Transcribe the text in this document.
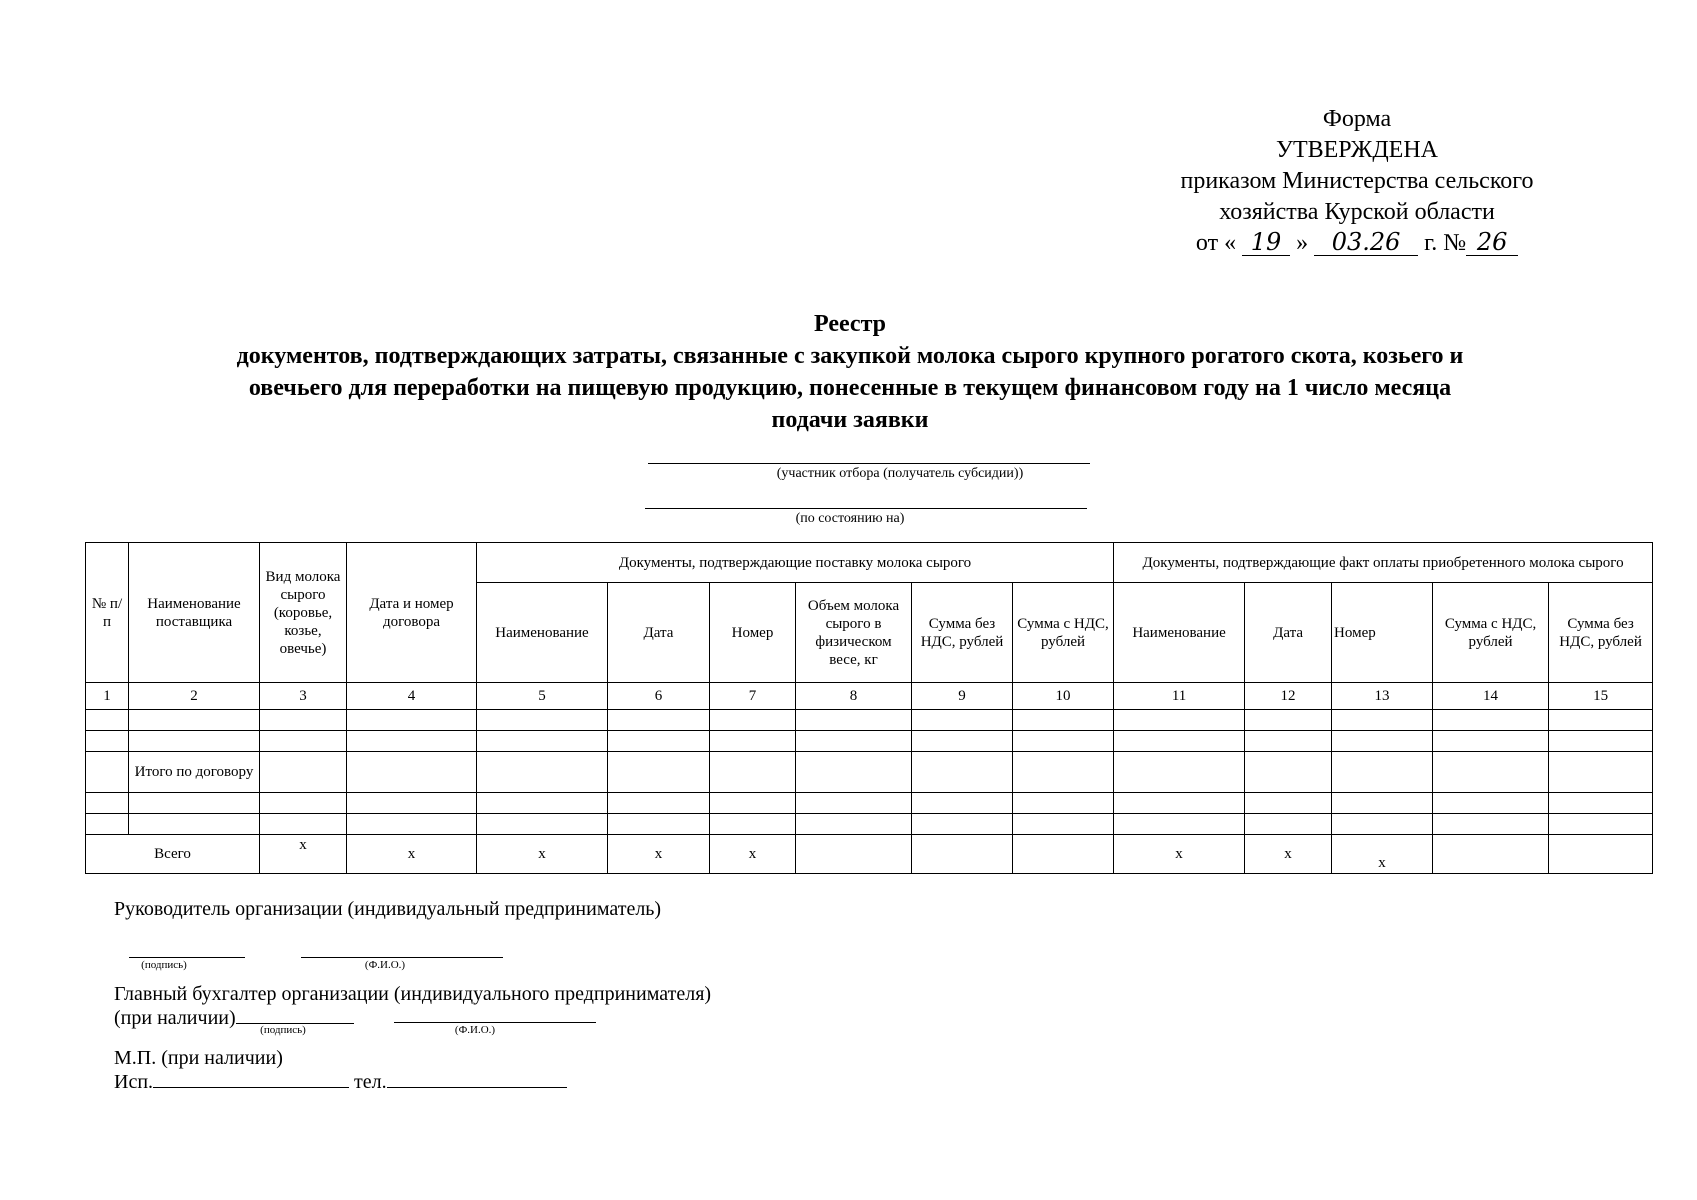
Форма
УТВЕРЖДЕНА
приказом Министерства сельского
хозяйства Курской области
от « 19 » 03.26 г. № 26
Реестр
документов, подтверждающих затраты, связанные с закупкой молока сырого крупного рогатого скота, козьего и
овечьего для переработки на пищевую продукцию, понесенные в текущем финансовом году на 1 число месяца
подачи заявки
(участник отбора (получатель субсидии))
(по состоянию на)
№ п/п	Наименование поставщика	Вид молока сырого (коровье, козье, овечье)	Дата и номер договора	Документы, подтверждающие поставку молока сырого						Документы, подтверждающие факт оплаты приобретенного молока сырого				
				Наименование	Дата	Номер	Объем молока сырого в физическом весе, кг	Сумма без НДС, рублей	Сумма с НДС, рублей	Наименование	Дата	Номер	Сумма с НДС, рублей	Сумма без НДС, рублей
1	2	3	4	5	6	7	8	9	10	11	12	13	14	15

	Итого по договору													

Всего		x	x	x	x	x				x	x	x		
Руководитель организации (индивидуальный предприниматель)
(подпись)	(Ф.И.О.)
Главный бухгалтер организации (индивидуального предпринимателя)
(при наличии)
(подпись)	(Ф.И.О.)
М.П. (при наличии)
Исп.	тел.
